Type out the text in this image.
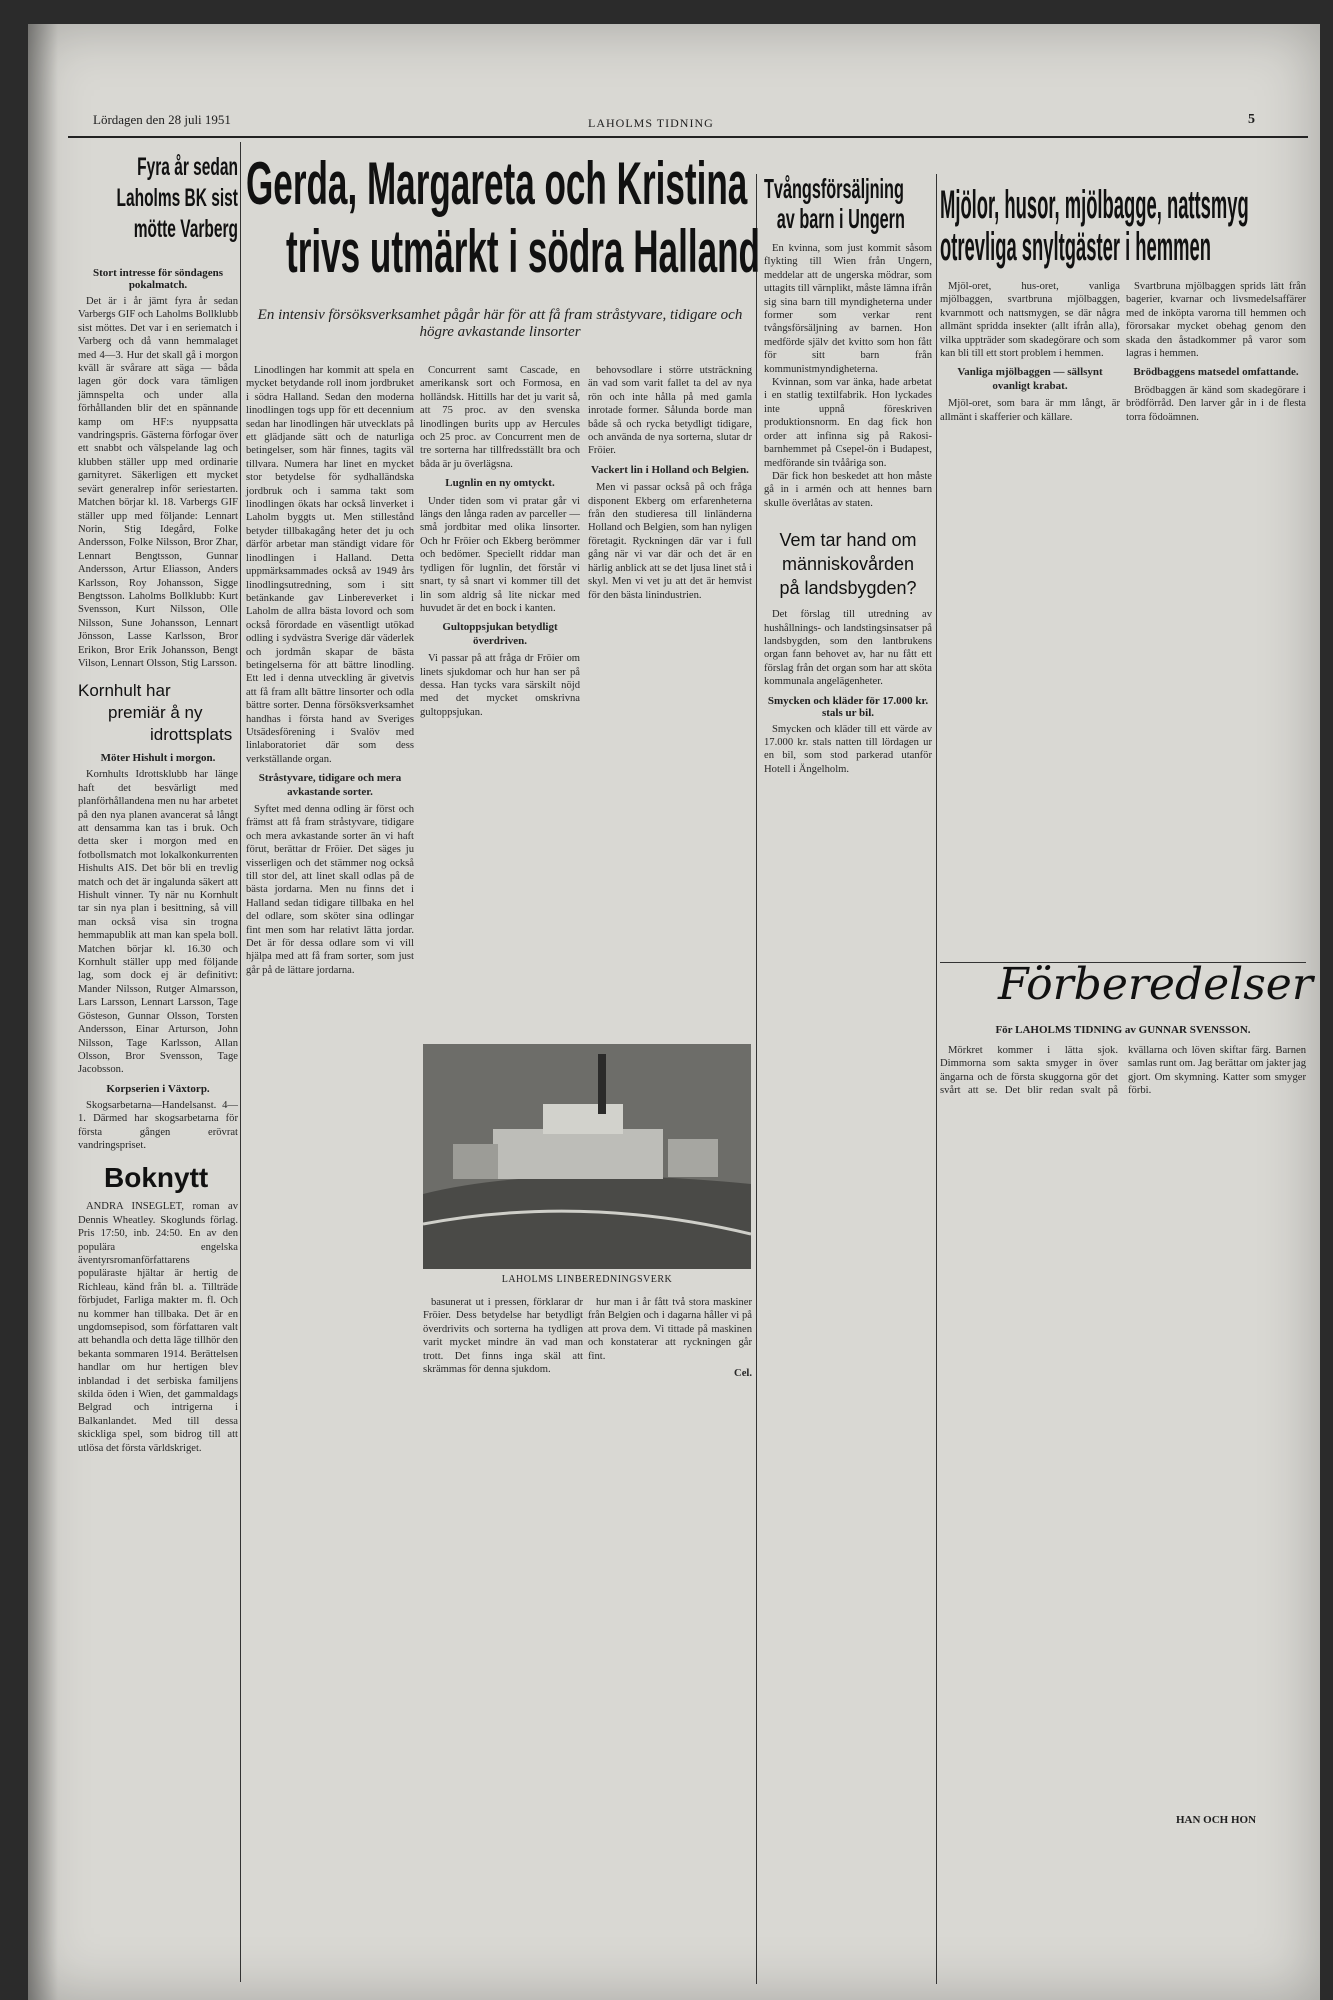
Lördagen den 28 juli 1951	LAHOLMS TIDNING	5
Fyra år sedan
Laholms BK sist
mötte Varberg
Stort intresse för söndagens pokalmatch.

Det är i år jämt fyra år sedan Varbergs GIF och Laholms Bollklubb sist möttes. Det var i en seriematch i Varberg och då vann hemmalaget med 4—3. Hur det skall gå i morgon kväll är svårare att säga — båda lagen gör dock vara tämligen jämnspelta och under alla förhållanden blir det en spännande kamp om HF:s nyuppsatta vandringspris. Gästerna förfogar över ett snabbt och välspelande lag och klubben ställer upp med ordinarie garnityret. Säkerligen ett mycket sevärt generalrep inför seriestarten. Matchen börjar kl. 18. Varbergs GIF ställer upp med följande: Lennart Norin, Stig Idegård, Folke Andersson, Folke Nilsson, Bror Zhar, Lennart Bengtsson, Gunnar Andersson, Artur Eliasson, Anders Karlsson, Roy Johansson, Sigge Bengtsson. Laholms Bollklubb: Kurt Svensson, Kurt Nilsson, Olle Nilsson, Sune Johansson, Lennart Jönsson, Lasse Karlsson, Bror Erikon, Bror Erik Johansson, Bengt Vilson, Lennart Olsson, Stig Larsson.

Kornhult har
premiär å ny
idrottsplats
Möter Hishult i morgon.

Kornhults Idrottsklubb har länge haft det besvärligt med planförhållandena men nu har arbetet på den nya planen avancerat så långt att densamma kan tas i bruk. Och detta sker i morgon med en fotbollsmatch mot lokalkonkurrenten Hishults AIS. Det bör bli en trevlig match och det är ingalunda säkert att Hishult vinner. Ty när nu Kornhult tar sin nya plan i besittning, så vill man också visa sin trogna hemmapublik att man kan spela boll. Matchen börjar kl. 16.30 och Kornhult ställer upp med följande lag, som dock ej är definitivt: Mander Nilsson, Rutger Almarsson, Lars Larsson, Lennart Larsson, Tage Gösteson, Gunnar Olsson, Torsten Andersson, Einar Arturson, John Nilsson, Tage Karlsson, Allan Olsson, Bror Svensson, Tage Jacobsson.

Korpserien i Växtorp.

Skogsarbetarna—Handelsanst. 4—1. Därmed har skogsarbetarna för första gången erövrat vandringspriset.

Boknytt

ANDRA INSEGLET, roman av Dennis Wheatley. Skoglunds förlag. Pris 17:50, inb. 24:50. En av den populära engelska äventyrsromanförfattarens populäraste hjältar är hertig de Richleau, känd från bl. a. Tillträde förbjudet, Farliga makter m. fl. Och nu kommer han tillbaka. Det är en ungdomsepisod, som författaren valt att behandla och detta läge tillhör den bekanta sommaren 1914. Berättelsen handlar om hur hertigen blev inblandad i det serbiska familjens skilda öden i Wien, det gammaldags Belgrad och intrigerna i Balkanlandet. Med till dessa skickliga spel, som bidrog till att utlösa det första världskriget.

Gerda, Margareta och Kristina
trivs utmärkt i södra Halland
En intensiv försöksverksamhet pågår här för att få fram stråstyvare, tidigare och högre avkastande linsorter

Linodlingen har kommit att spela en mycket betydande roll inom jordbruket i södra Halland. Sedan den moderna linodlingen togs upp för ett decennium sedan har linodlingen här utvecklats på ett glädjande sätt och de naturliga betingelser, som här finnes, tagits väl tillvara. Numera har linet en mycket stor betydelse för sydhalländska jordbruk och i samma takt som linodlingen ökats har också linverket i Laholm byggts ut. Men stillestånd betyder tillbakagång heter det ju och därför arbetar man ständigt vidare för linodlingen i Halland. Detta uppmärksammades också av 1949 års linodlingsutredning, som i sitt betänkande gav Linbereverket i Laholm de allra bästa lovord och som också förordade en väsentligt utökad odling i sydvästra Sverige där väderlek och jordmån skapar de bästa betingelserna för att bättre linodling. Ett led i denna utveckling är givetvis att få fram allt bättre linsorter och odla bättre sorter. Denna försöksverksamhet handhas i första hand av Sveriges Utsädesförening i Svalöv med linlaboratoriet där som dess verkställande organ.

Stråstyvare, tidigare och mera avkastande sorter.

Syftet med denna odling är först och främst att få fram stråstyvare, tidigare och mera avkastande sorter än vi haft förut, berättar dr Fröier. Det säges ju visserligen och det stämmer nog också till stor del, att linet skall odlas på de bästa jordarna. Men nu finns det i Halland sedan tidigare tillbaka en hel del odlare, som sköter sina odlingar fint men som har relativt lätta jordar. Det är för dessa odlare som vi vill hjälpa med att få fram sorter, som just går på de lättare jordarna.

Concurrent samt Cascade, en amerikansk sort och Formosa, en holländsk. Hittills har det ju varit så, att 75 proc. av den svenska linodlingen burits upp av Hercules och 25 proc. av Concurrent men de tre sorterna har tillfredsställt bra och båda är ju överlägsna.

Lugnlin en ny omtyckt.

Under tiden som vi pratar går vi längs den långa raden av parceller — små jordbitar med olika linsorter. Och hr Fröier och Ekberg berömmer och bedömer. Speciellt riddar man tydligen för lugnlin, det förstår vi snart, ty så snart vi kommer till det lin som aldrig så lite nickar med huvudet är det en bock i kanten.

Gultoppsjukan betydligt överdriven.

Vi passar på att fråga dr Fröier om linets sjukdomar och hur han ser på dessa. Han tycks vara särskilt nöjd med det mycket omskrivna gultoppsjukan.

behovsodlare i större utsträckning än vad som varit fallet ta del av nya rön och inte hålla på med gamla inrotade former. Sålunda borde man både så och rycka betydligt tidigare, och använda de nya sorterna, slutar dr Fröier.

Vackert lin i Holland och Belgien.

Men vi passar också på och fråga disponent Ekberg om erfarenheterna från den studieresa till linländerna Holland och Belgien, som han nyligen företagit. Ryckningen där var i full gång när vi var där och det är en härlig anblick att se det ljusa linet stå i skyl. Men vi vet ju att det är hemvist för den bästa linindustrien.

LAHOLMS LINBEREDNINGSVERK

basunerat ut i pressen, förklarar dr Fröier. Dess betydelse har betydligt överdrivits och sorterna ha tydligen varit mycket mindre än vad man trott. Det finns inga skäl att skrämmas för denna sjukdom.

hur man i år fått två stora maskiner från Belgien och i dagarna håller vi på att prova dem. Vi tittade på maskinen och konstaterar att ryckningen går fint.

Cel.
Tvångsförsäljning
av barn i Ungern

En kvinna, som just kommit såsom flykting till Wien från Ungern, meddelar att de ungerska mödrar, som uttagits till värnplikt, måste lämna ifrån sig sina barn till myndigheterna under former som verkar rent tvångsförsäljning av barnen. Hon medförde själv det kvitto som hon fått för sitt barn från kommunistmyndigheterna.

Kvinnan, som var änka, hade arbetat i en statlig textilfabrik. Hon lyckades inte uppnå föreskriven produktionsnorm. En dag fick hon order att infinna sig på Rakosi-barnhemmet på Csepel-ön i Budapest, medförande sin tvååriga son.

Där fick hon beskedet att hon måste gå in i armén och att hennes barn skulle överlåtas av staten.

Vem tar hand om
människovården
på landsbygden?

Det förslag till utredning av hushållnings- och landstingsinsatser på landsbygden, som den lantbrukens organ fann behovet av, har nu fått ett förslag från det organ som har att sköta kommunala angelägenheter.

Smycken och kläder för 17.000 kr. stals ur bil.

Smycken och kläder till ett värde av 17.000 kr. stals natten till lördagen ur en bil, som stod parkerad utanför Hotell i Ängelholm.

Mjölor, husor, mjölbagge, nattsmyg
otrevliga snyltgäster i hemmen

Mjöl-oret, hus-oret, vanliga mjölbaggen, svartbruna mjölbaggen, kvarnmott och nattsmygen, se där några allmänt spridda insekter (allt ifrån alla), vilka uppträder som skadegörare och som kan bli till ett stort problem i hemmen.

Vanliga mjölbaggen — sällsynt ovanligt krabat.

Mjöl-oret, som bara är mm långt, är allmänt i skafferier och källare.

Svartbruna mjölbaggen sprids lätt från bagerier, kvarnar och livsmedelsaffärer med de inköpta varorna till hemmen och förorsakar mycket obehag genom den skada den åstadkommer på varor som lagras i hemmen.

Brödbaggens matsedel omfattande.

Brödbaggen är känd som skadegörare i brödförråd. Den larver går in i de flesta torra födoämnen.

Förberedelser
För LAHOLMS TIDNING av GUNNAR SVENSSON.

Mörkret kommer i lätta sjok. Dimmorna som sakta smyger in över ängarna och de första skuggorna gör det svårt att se. Det blir redan svalt på kvällarna och löven skiftar färg. Barnen samlas runt om. Jag berättar om jakter jag gjort. Om skymning. Katter som smyger förbi.

HAN OCH HON
